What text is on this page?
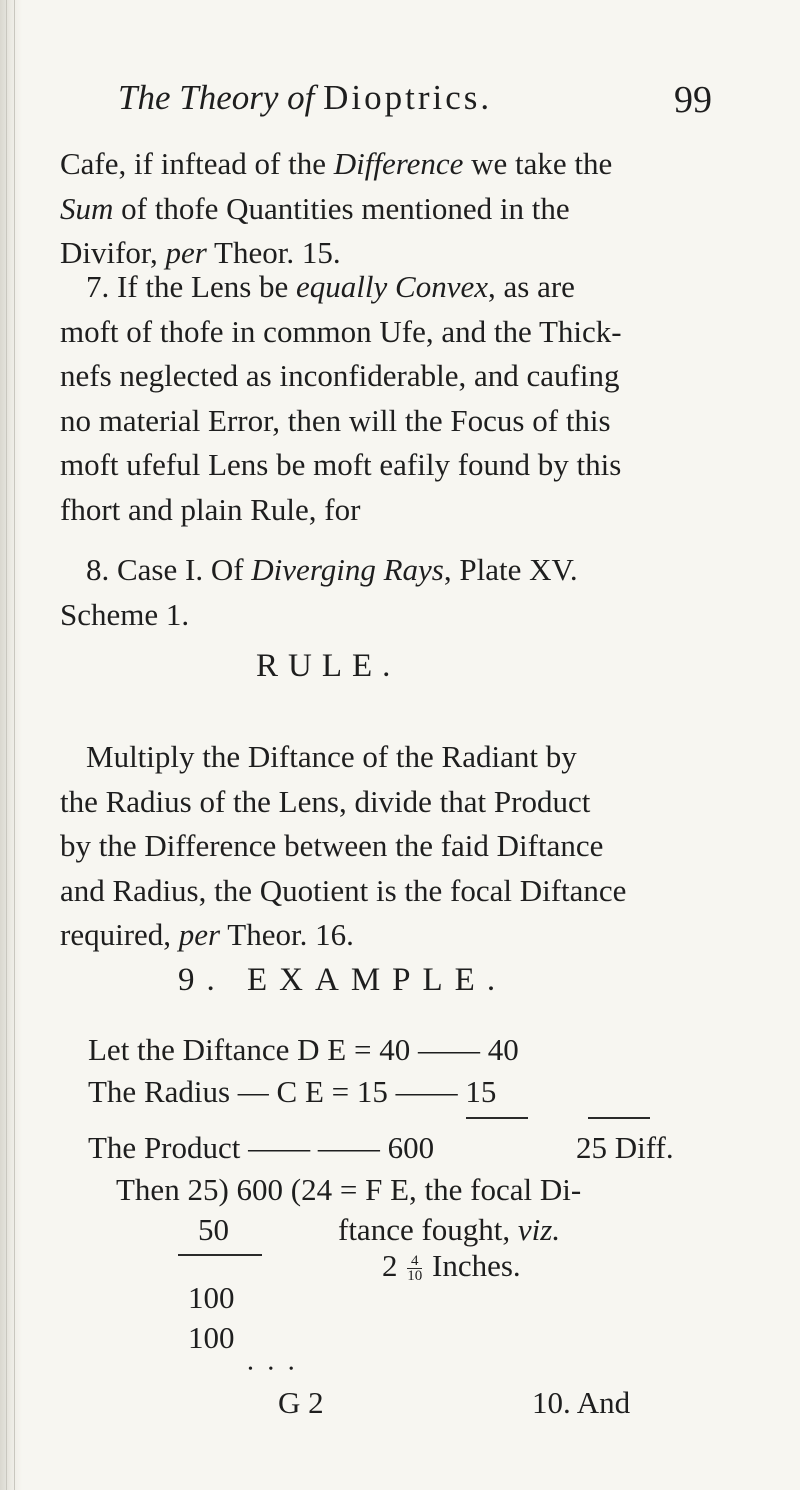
The Theory of Dioptrics.	99
Cafe, if inftead of the Difference we take the
Sum of thofe Quantities mentioned in the
Divifor, per Theor. 15.
7. If the Lens be equally Convex, as are
moft of thofe in common Ufe, and the Thick-
nefs neglected as inconfiderable, and caufing
no material Error, then will the Focus of this
moft ufeful Lens be moft eafily found by this
fhort and plain Rule, for
8. Case I. Of Diverging Rays, Plate XV.
Scheme 1.
RULE.
Multiply the Diftance of the Radiant by
the Radius of the Lens, divide that Product
by the Difference between the faid Diftance
and Radius, the Quotient is the focal Diftance
required, per Theor. 16.
9. EXAMPLE.
Let the Diftance D E = 40 —— 40
The Radius — C E = 15 —— 15
The Product —— —— 600	25 Diff.
Then 25) 600 (24 = F E, the focal Di-
50	ftance fought, viz.
$2 \frac{4}{10}$ Inches.
100
100
• • •
G 2	10. And
